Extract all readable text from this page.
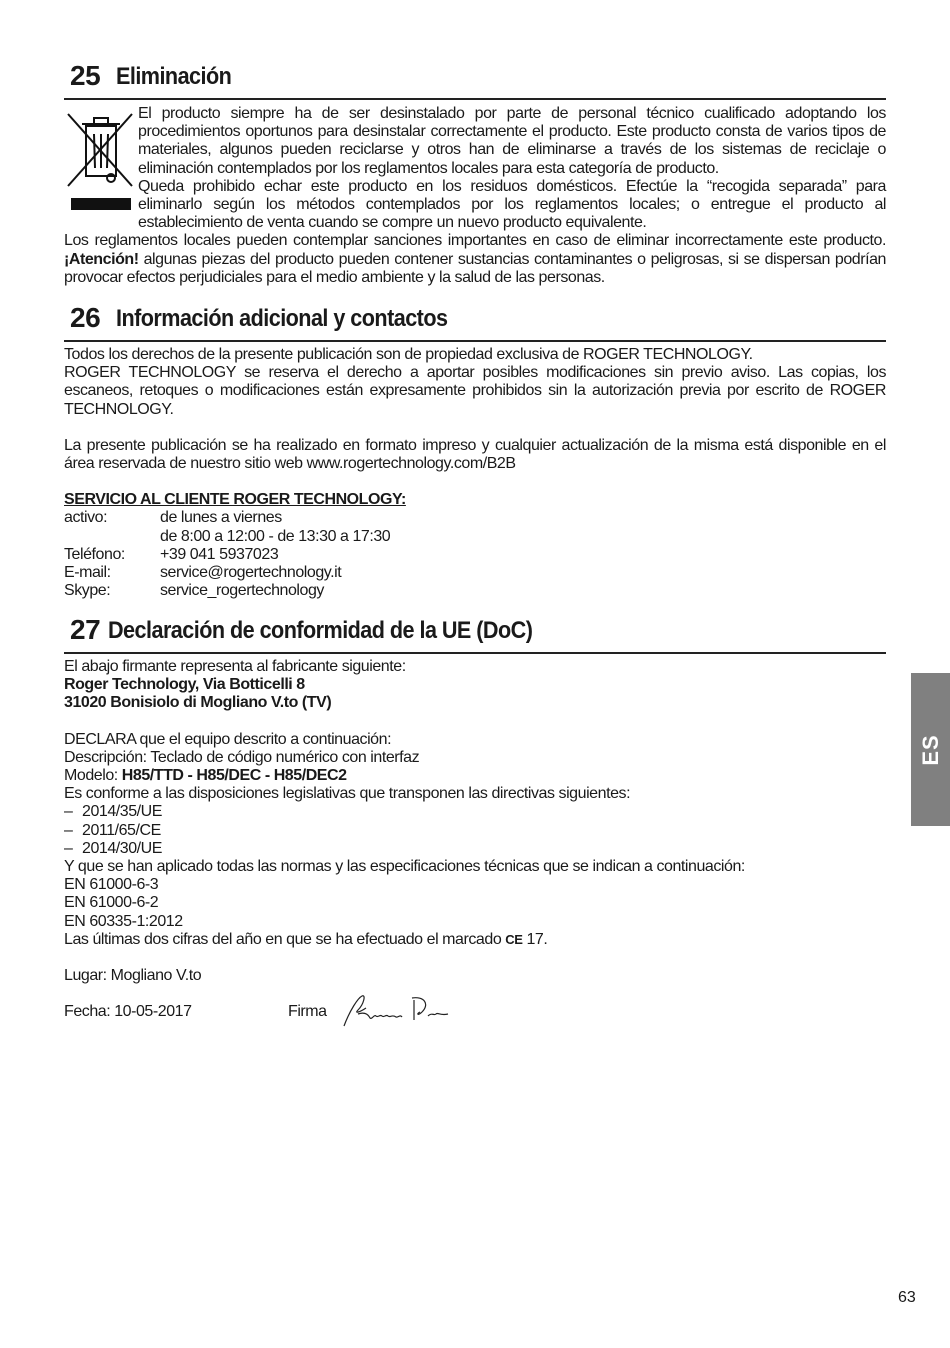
25 Eliminación
El producto siempre ha de ser desinstalado por parte de personal técnico cualificado adoptando los procedimientos oportunos para desinstalar correctamente el producto. Este producto consta de varios tipos de materiales, algunos pueden reciclarse y otros han de eliminarse a través de los sistemas de reciclaje o eliminación contemplados por los reglamentos locales para esta categoría de producto.
Queda prohibido echar este producto en los residuos domésticos. Efectúe la “recogida separada” para eliminarlo según los métodos contemplados por los reglamentos locales; o entregue el producto al establecimiento de venta cuando se compre un nuevo producto equivalente.
Los reglamentos locales pueden contemplar sanciones importantes en caso de eliminar incorrectamente este producto. ¡Atención! algunas piezas del producto pueden contener sustancias contaminantes o peligrosas, si se dispersan podrían provocar efectos perjudiciales para el medio ambiente y la salud de las personas.
26 Información adicional y contactos
Todos los derechos de la presente publicación son de propiedad exclusiva de ROGER TECHNOLOGY.
ROGER TECHNOLOGY se reserva el derecho a aportar posibles modificaciones sin previo aviso. Las copias, los escaneos, retoques o modificaciones están expresamente prohibidos sin la autorización previa por escrito de ROGER TECHNOLOGY.
La presente publicación se ha realizado en formato impreso y cualquier actualización de la misma está disponible en el área reservada de nuestro sitio web www.rogertechnology.com/B2B
SERVICIO AL CLIENTE ROGER TECHNOLOGY:
activo:	de lunes a viernes
de 8:00 a 12:00 - de 13:30 a 17:30
Teléfono:	+39 041 5937023
E-mail:	service@rogertechnology.it
Skype:	service_rogertechnology
27 Declaración de conformidad de la UE (DoC)
El abajo firmante representa al fabricante siguiente:
Roger Technology, Via Botticelli 8
31020 Bonisiolo di Mogliano V.to (TV)
DECLARA que el equipo descrito a continuación:
Descripción: Teclado de código numérico con interfaz
Modelo: H85/TTD - H85/DEC - H85/DEC2
Es conforme a las disposiciones legislativas que transponen las directivas siguientes:
– 2014/35/UE
– 2011/65/CE
– 2014/30/UE
Y que se han aplicado todas las normas y las especificaciones técnicas que se indican a continuación:
EN 61000-6-3
EN 61000-6-2
EN 60335-1:2012
Las últimas dos cifras del año en que se ha efectuado el marcado CE 17.
Lugar: Mogliano V.to
Fecha: 10-05-2017	Firma
ES
63
